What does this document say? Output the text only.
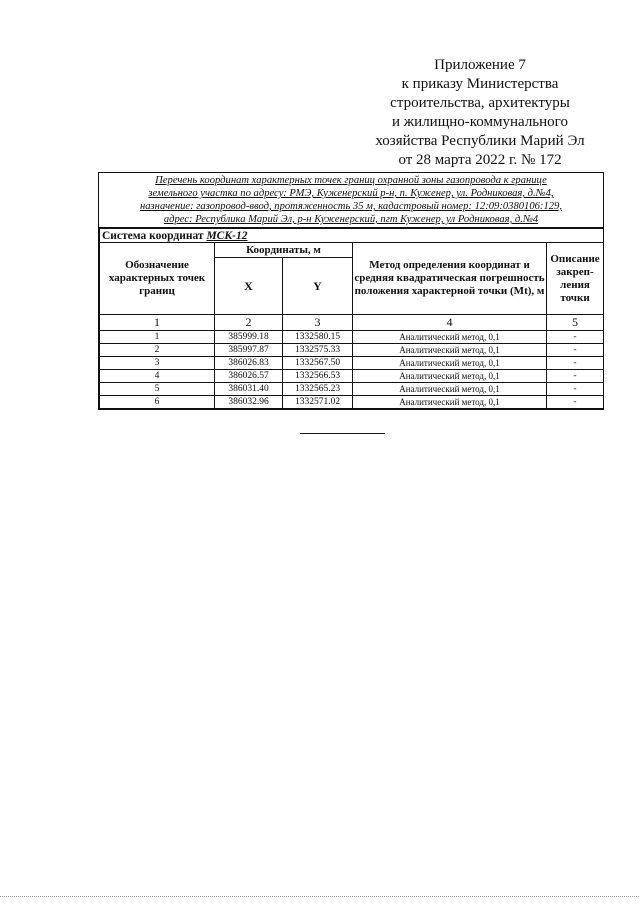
Приложение 7
к приказу Министерства
строительства, архитектуры
и жилищно-коммунального
хозяйства Республики Марий Эл
от 28 марта 2022 г. № 172
Перечень координат характерных точек границ охранной зоны газопровода к границе
земельного участка по адресу: РМЭ, Куженерский р-н, п. Куженер, ул. Родниковая, д.№4,
назначение: газопровод-ввод, протяженность 35 м, кадастровый номер: 12:09:0380106:129,
адрес: Республика Марий Эл, р-н Куженерский, пгт Куженер, ул Родниковая, д.№4
Система координат МСК-12				
Обозначение характерных точек границ	Координаты, м		Метод определения координат и средняя квадратическая погрешность положения характерной точки (Mt), м	Описание закреп-ления точки
	X	Y		
1	2	3	4	5
1	385999.18	1332580.15	Аналитический метод, 0,1	-
2	385997.87	1332575.33	Аналитический метод, 0,1	-
3	386026.83	1332567.50	Аналитический метод, 0,1	-
4	386026.57	1332566.53	Аналитический метод, 0,1	-
5	386031.40	1332565.23	Аналитический метод, 0,1	-
6	386032.96	1332571.02	Аналитический метод, 0,1	-
